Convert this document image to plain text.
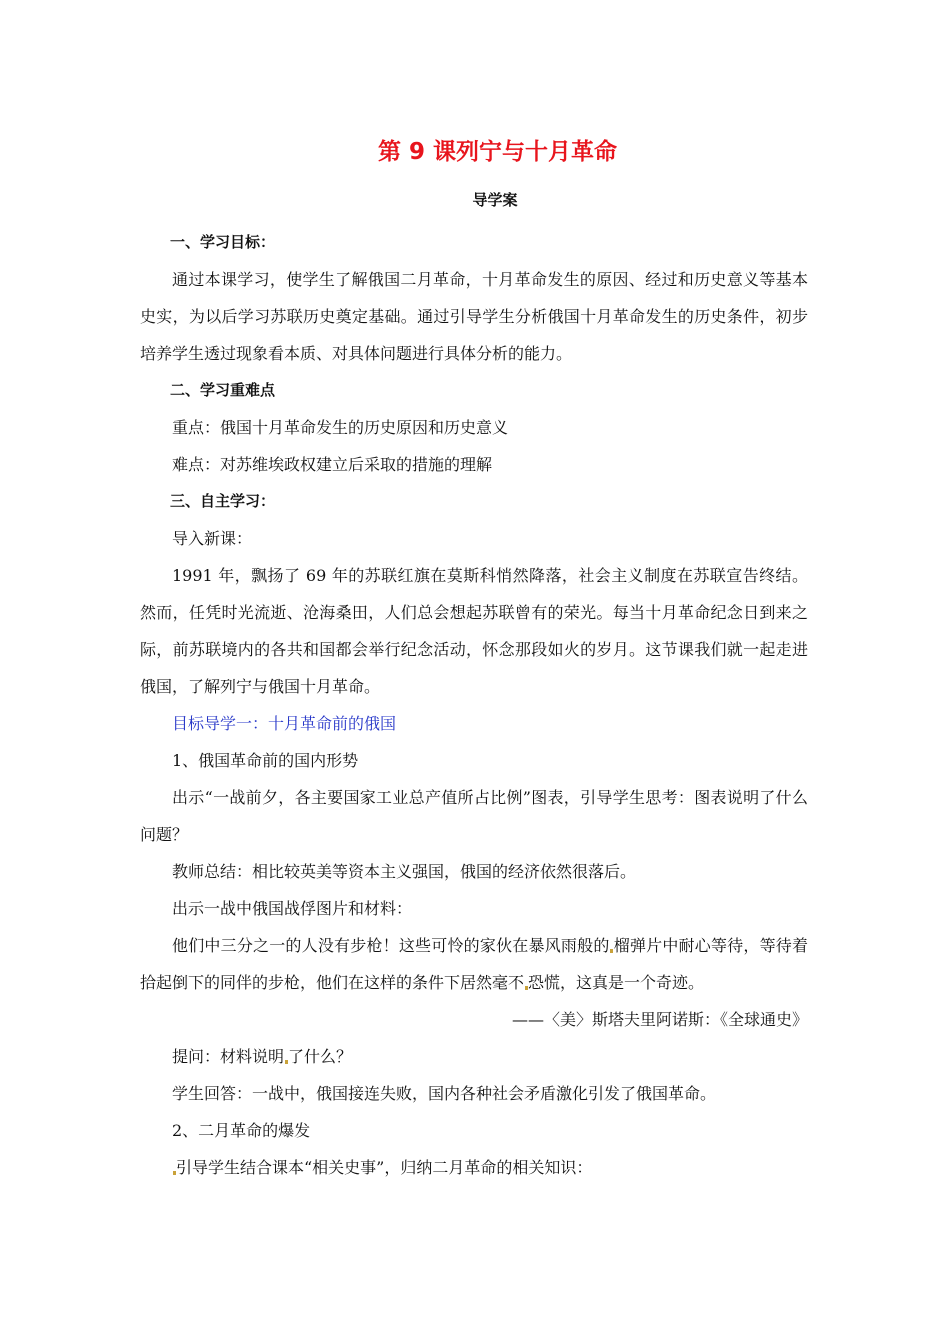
第 9 课列宁与十月革命
导学案

一、学习目标：

通过本课学习，使学生了解俄国二月革命，十月革命发生的原因、经过和历史意义等基本史实，为以后学习苏联历史奠定基础。通过引导学生分析俄国十月革命发生的历史条件，初步培养学生透过现象看本质、对具体问题进行具体分析的能力。

二、学习重难点

重点：俄国十月革命发生的历史原因和历史意义

难点：对苏维埃政权建立后采取的措施的理解

三、自主学习：

导入新课：

1991 年，飘扬了 69 年的苏联红旗在莫斯科悄然降落，社会主义制度在苏联宣告终结。然而，任凭时光流逝、沧海桑田，人们总会想起苏联曾有的荣光。每当十月革命纪念日到来之际，前苏联境内的各共和国都会举行纪念活动，怀念那段如火的岁月。这节课我们就一起走进俄国，了解列宁与俄国十月革命。

目标导学一：十月革命前的俄国

1、俄国革命前的国内形势

出示“一战前夕，各主要国家工业总产值所占比例”图表，引导学生思考：图表说明了什么问题？

教师总结：相比较英美等资本主义强国，俄国的经济依然很落后。

出示一战中俄国战俘图片和材料：

他们中三分之一的人没有步枪！这些可怜的家伙在暴风雨般的 榴弹片中耐心等待，等待着拾起倒下的同伴的步枪，他们在这样的条件下居然毫不 恐慌，这真是一个奇迹。

——〈美〉斯塔夫里阿诺斯：《全球通史》

提问：材料说明 了什么？

学生回答：一战中，俄国接连失败，国内各种社会矛盾激化引发了俄国革命。

2、二月革命的爆发

引导学生结合课本“相关史事”，归纳二月革命的相关知识：
